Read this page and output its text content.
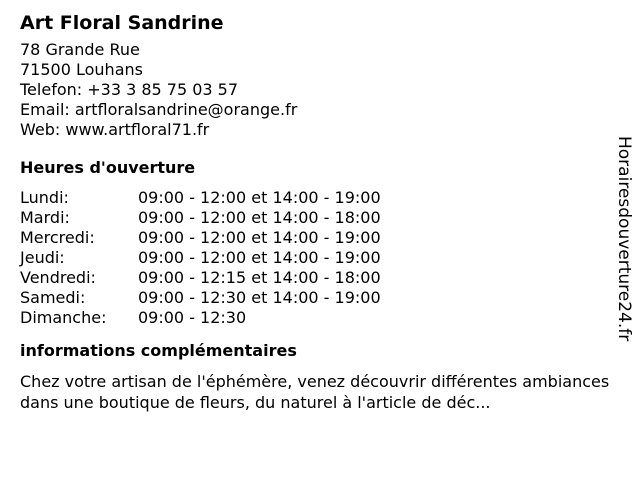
Art Floral Sandrine
78 Grande Rue
71500 Louhans
Telefon: +33 3 85 75 03 57
Email: artfloralsandrine@orange.fr
Web: www.artfloral71.fr
Heures d'ouverture
Lundi:	09:00 - 12:00 et 14:00 - 19:00
Mardi:	09:00 - 12:00 et 14:00 - 18:00
Mercredi:	09:00 - 12:00 et 14:00 - 19:00
Jeudi:	09:00 - 12:00 et 14:00 - 19:00
Vendredi:	09:00 - 12:15 et 14:00 - 18:00
Samedi:	09:00 - 12:30 et 14:00 - 19:00
Dimanche:	09:00 - 12:30
informations complémentaires

Chez votre artisan de l'éphémère, venez découvrir différentes ambiances dans une boutique de fleurs, du naturel à l'article de déc...

Horairesdouverture24.fr
